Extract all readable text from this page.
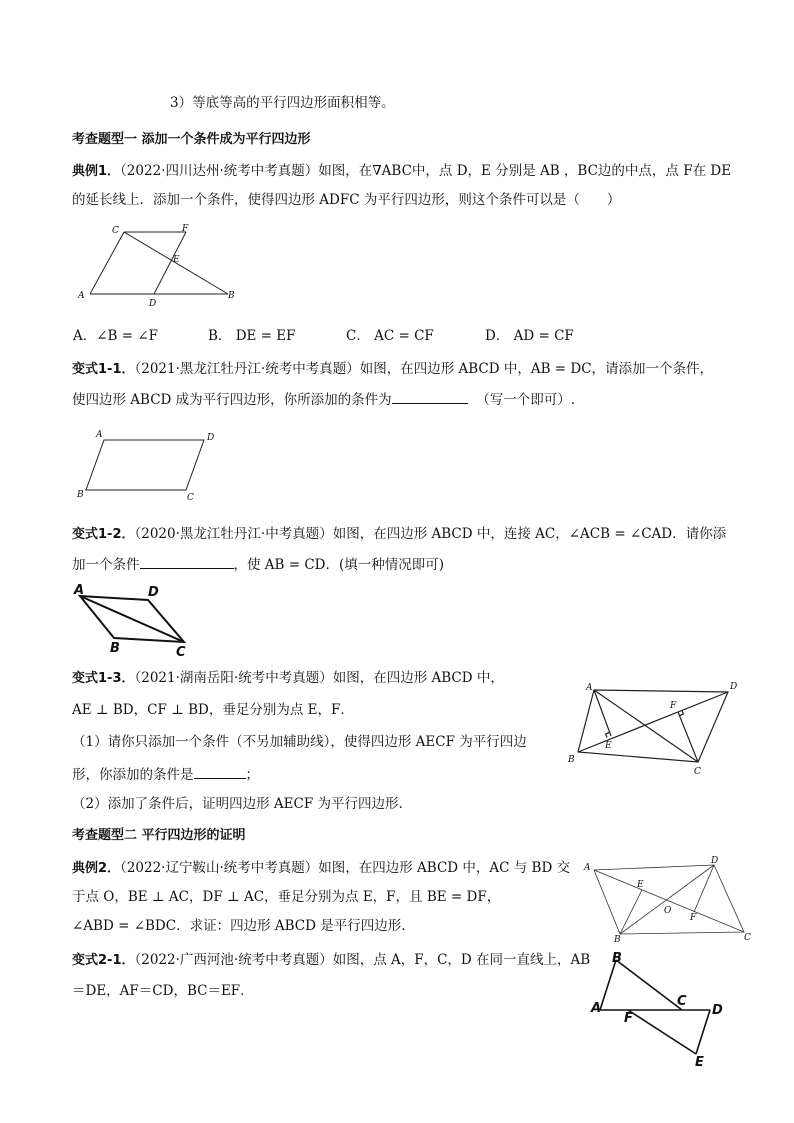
3）等底等高的平行四边形面积相等。
考查题型一 添加一个条件成为平行四边形
典例1．（2022·四川达州·统考中考真题）如图，在∇ABC中，点 D，E 分别是 AB ，BC边的中点，点 F在 DE
的延长线上．添加一个条件，使得四边形 ADFC 为平行四边形，则这个条件可以是（　　）
C	F
E
A
D
B
A．∠B = ∠F	B． DE = EF	C． AC = CF	D． AD = CF
变式1-1．（2021·黑龙江牡丹江·统考中考真题）如图，在四边形 ABCD 中，AB = DC，请添加一个条件，
使四边形 ABCD 成为平行四边形，你所添加的条件为	（写一个即可）.
A	D
B	C
变式1-2．（2020·黑龙江牡丹江·中考真题）如图，在四边形 ABCD 中，连接 AC，∠ACB = ∠CAD．请你添
加一个条件	，使 AB = CD．(填一种情况即可)
A	D
B	C
变式1-3．（2021·湖南岳阳·统考中考真题）如图，在四边形 ABCD 中，
AE ⊥ BD，CF ⊥ BD，垂足分别为点 E，F．
（1）请你只添加一个条件（不另加辅助线），使得四边形 AECF 为平行四边
形，你添加的条件是	；
（2）添加了条件后，证明四边形 AECF 为平行四边形.
A	D
F
E
B
C
考查题型二 平行四边形的证明
典例2．（2022·辽宁鞍山·统考中考真题）如图，在四边形 ABCD 中，AC 与 BD 交
于点 O，BE ⊥ AC，DF ⊥ AC，垂足分别为点 E，F，且 BE = DF，
∠ABD = ∠BDC．求证：四边形 ABCD 是平行四边形.
A
D
E
O
F
B	C
变式2-1．（2022·广西河池·统考中考真题）如图，点 A，F，C，D 在同一直线上，AB
＝DE，AF＝CD，BC＝EF．
B
A
F
C
D
E
